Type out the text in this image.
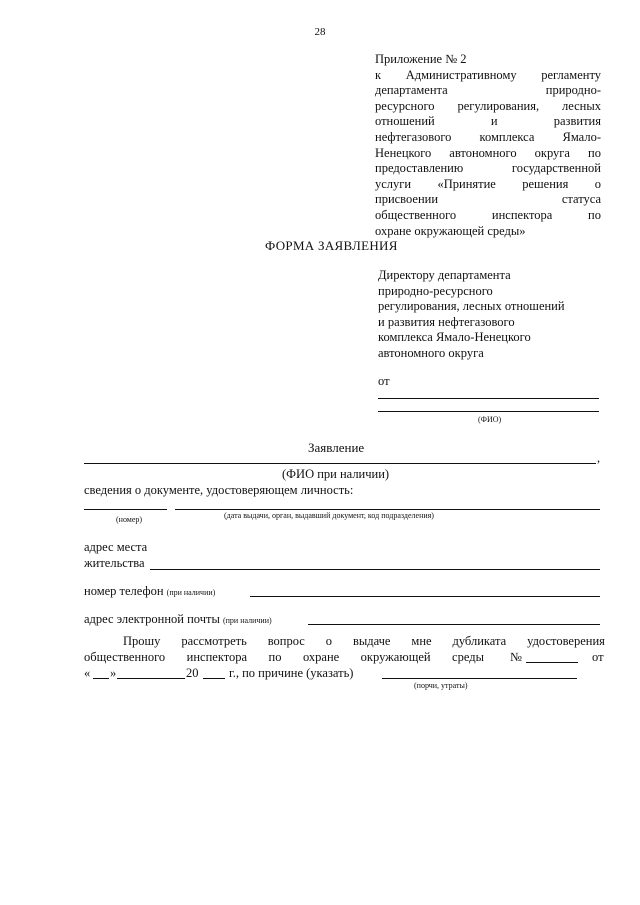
28
Приложение № 2
к Административному регламенту
департамента	природно-
ресурсного регулирования, лесных
отношений	и	развития
нефтегазового комплекса Ямало-
Ненецкого автономного округа по
предоставлению	государственной
услуги «Принятие решения о
присвоении	статуса
общественного	инспектора	по
охране окружающей среды»
ФОРМА ЗАЯВЛЕНИЯ
Директору департамента
природно-ресурсного
регулирования, лесных отношений
и развития нефтегазового
комплекса Ямало-Ненецкого
автономного округа
от
(ФИО)
Заявление
,
(ФИО при наличии)
сведения о документе, удостоверяющем личность:
(номер)	(дата выдачи, орган, выдавший документ, код подразделения)
адрес места
жительства
номер телефон (при наличии)
адрес электронной почты (при наличии)
Прошу рассмотреть вопрос о выдаче мне дубликата удостоверения
общественного инспектора по охране окружающей среды №	от
« »	20 г., по причине (указать)
(порчи, утраты)
